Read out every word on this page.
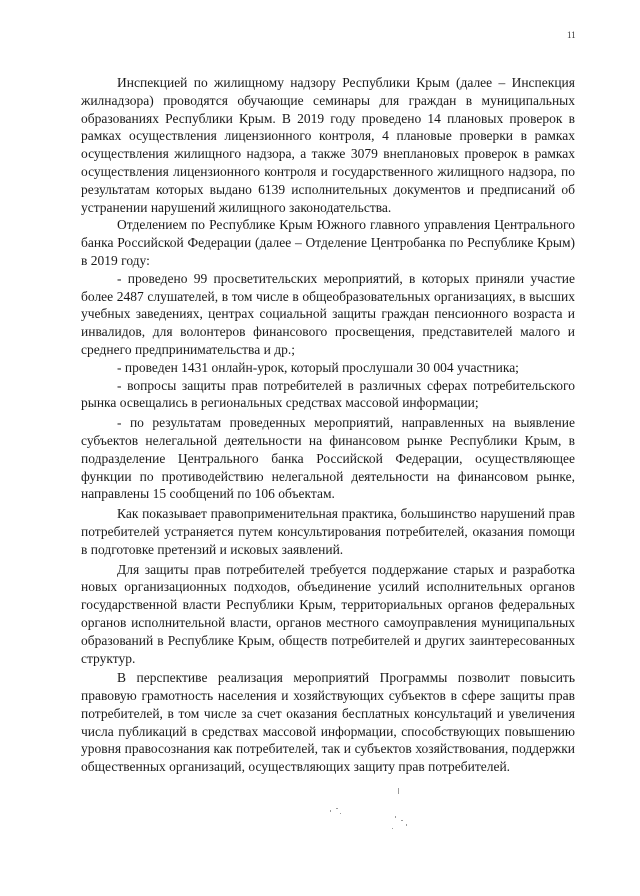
11

Инспекцией по жилищному надзору Республики Крым (далее – Инспекция жилнадзора) проводятся обучающие семинары для граждан в муниципальных образованиях Республики Крым. В 2019 году проведено 14 плановых проверок в рамках осуществления лицензионного контроля, 4 плановые проверки в рамках осуществления жилищного надзора, а также 3079 внеплановых проверок в рамках осуществления лицензионного контроля и государственного жилищного надзора, по результатам которых выдано 6139 исполнительных документов и предписаний об устранении нарушений жилищного законодательства.

Отделением по Республике Крым Южного главного управления Центрального банка Российской Федерации (далее – Отделение Центробанка по Республике Крым) в 2019 году:

- проведено 99 просветительских мероприятий, в которых приняли участие более 2487 слушателей, в том числе в общеобразовательных организациях, в высших учебных заведениях, центрах социальной защиты граждан пенсионного возраста и инвалидов, для волонтеров финансового просвещения, представителей малого и среднего предпринимательства и др.;

- проведен 1431 онлайн-урок, который прослушали 30 004 участника;

- вопросы защиты прав потребителей в различных сферах потребительского рынка освещались в региональных средствах массовой информации;

- по результатам проведенных мероприятий, направленных на выявление субъектов нелегальной деятельности на финансовом рынке Республики Крым, в подразделение Центрального банка Российской Федерации, осуществляющее функции по противодействию нелегальной деятельности на финансовом рынке, направлены 15 сообщений по 106 объектам.

Как показывает правоприменительная практика, большинство нарушений прав потребителей устраняется путем консультирования потребителей, оказания помощи в подготовке претензий и исковых заявлений.

Для защиты прав потребителей требуется поддержание старых и разработка новых организационных подходов, объединение усилий исполнительных органов государственной власти Республики Крым, территориальных органов федеральных органов исполнительной власти, органов местного самоуправления муниципальных образований в Республике Крым, обществ потребителей и других заинтересованных структур.

В перспективе реализация мероприятий Программы позволит повысить правовую грамотность населения и хозяйствующих субъектов в сфере защиты прав потребителей, в том числе за счет оказания бесплатных консультаций и увеличения числа публикаций в средствах массовой информации, способствующих повышению уровня правосознания как потребителей, так и субъектов хозяйствования, поддержки общественных организаций, осуществляющих защиту прав потребителей.
